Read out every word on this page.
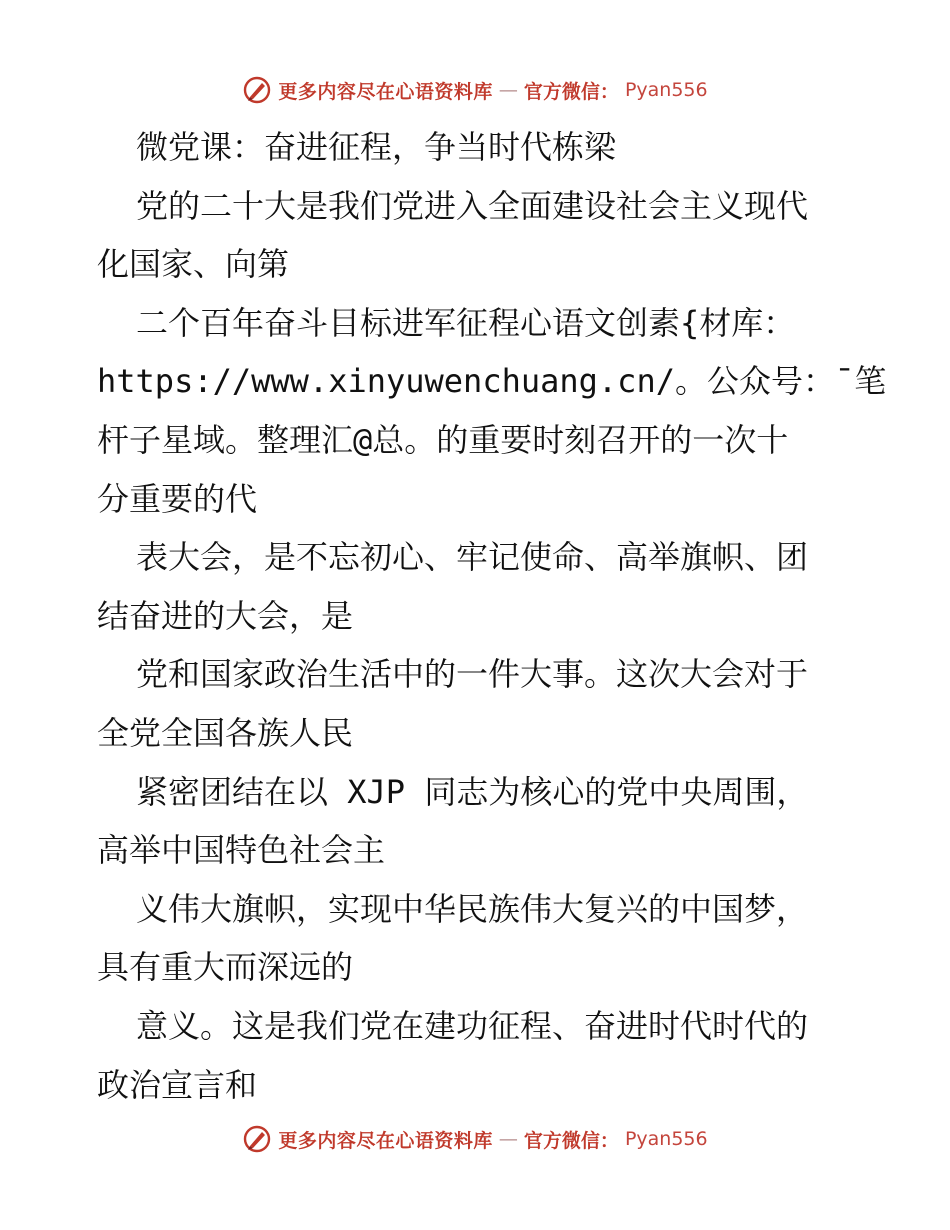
更多内容尽在心语资料库 — 官方微信： Pyan556
微党课：奋进征程，争当时代栋梁
党的二十大是我们党进入全面建设社会主义现代
化国家、向第
二个百年奋斗目标进军征程心语文创素{材库：
https://www.xinyuwenchuang.cn/。公众号：¯笔
杆子星域。整理汇@总。的重要时刻召开的一次十
分重要的代
表大会，是不忘初心、牢记使命、高举旗帜、团
结奋进的大会，是
党和国家政治生活中的一件大事。这次大会对于
全党全国各族人民
紧密团结在以 XJP 同志为核心的党中央周围，
高举中国特色社会主
义伟大旗帜，实现中华民族伟大复兴的中国梦，
具有重大而深远的
意义。这是我们党在建功征程、奋进时代时代的
政治宣言和
更多内容尽在心语资料库 — 官方微信： Pyan556
